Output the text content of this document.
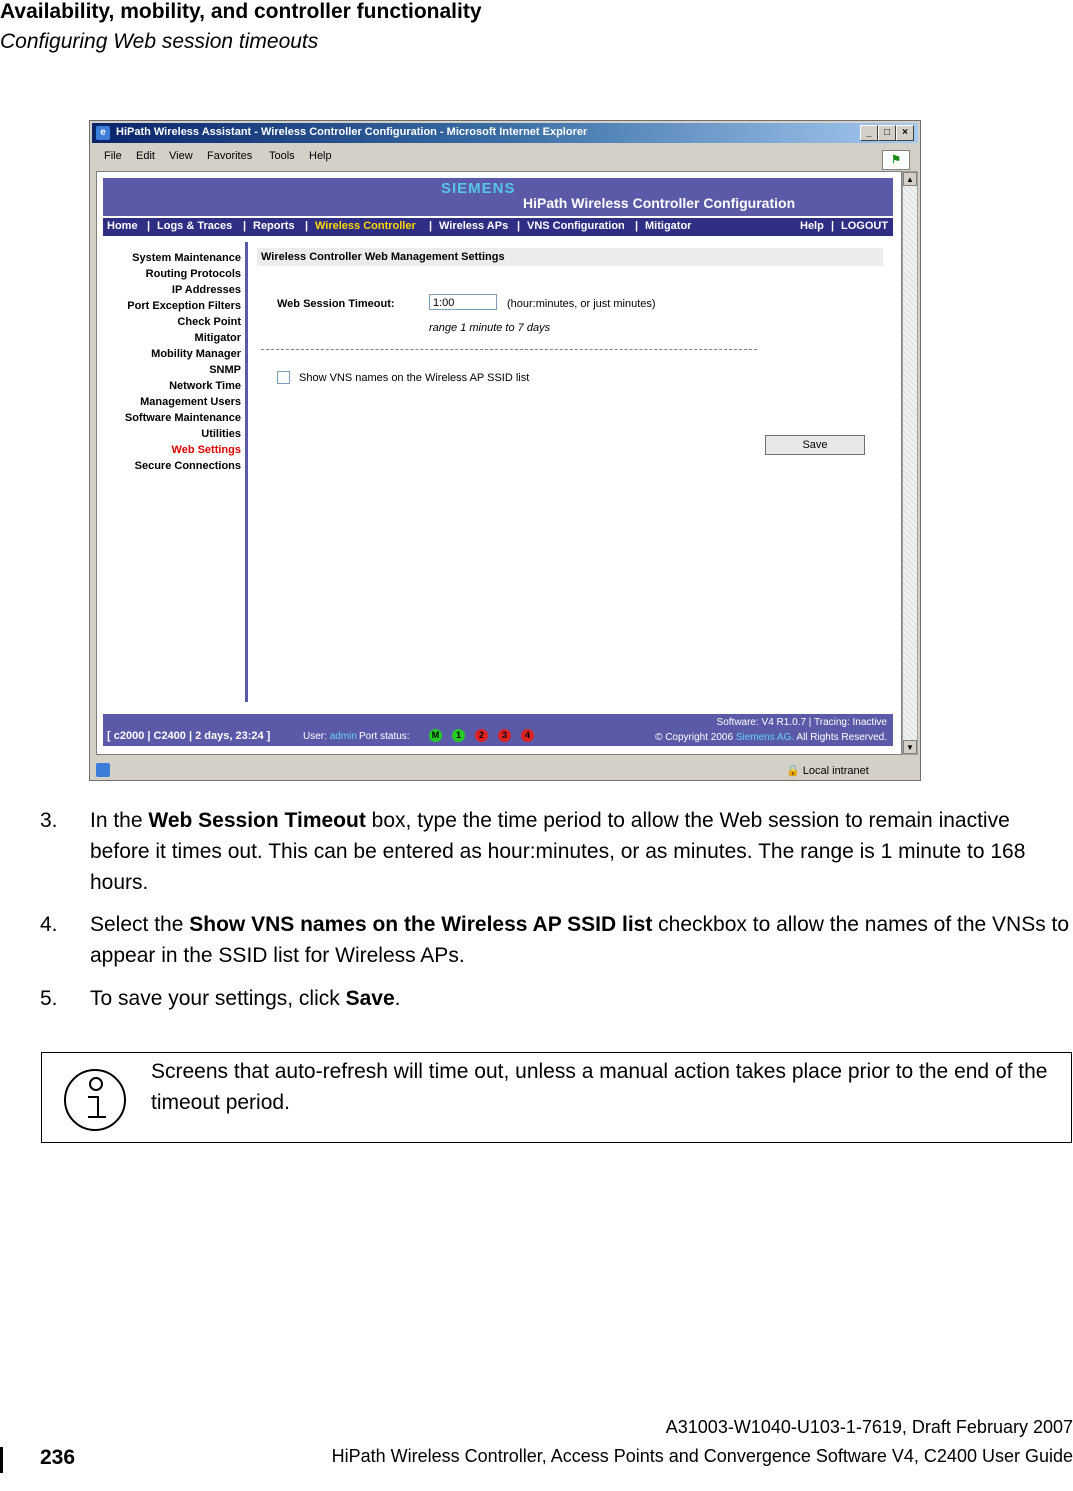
Availability, mobility, and controller functionality
Configuring Web session timeouts
e HiPath Wireless Assistant - Wireless Controller Configuration - Microsoft Internet Explorer	_	□	×
File Edit View Favorites Tools Help	⚑
SIEMENS
HiPath Wireless Controller Configuration
Home | Logs & Traces | Reports | Wireless Controller | Wireless APs | VNS Configuration | Mitigator	Help | LOGOUT
System Maintenance
Routing Protocols
IP Addresses
Port Exception Filters
Check Point
Mitigator
Mobility Manager
SNMP
Network Time
Management Users
Software Maintenance
Utilities
Web Settings
Secure Connections
Wireless Controller Web Management Settings
Web Session Timeout:	1:00	(hour:minutes, or just minutes)
range 1 minute to 7 days
Show VNS names on the Wireless AP SSID list
Save
[ c2000 | C2400 | 2 days, 23:24 ]	User: admin Port status:	M	1	2	3	4
Software: V4 R1.0.7 | Tracing: Inactive
© Copyright 2006 Siemens AG. All Rights Reserved.
▲
▼
🔒 Local intranet
3. In the Web Session Timeout box, type the time period to allow the Web session to remain inactive before it times out. This can be entered as hour:minutes, or as minutes. The range is 1 minute to 168 hours.
4. Select the Show VNS names on the Wireless AP SSID list checkbox to allow the names of the VNSs to appear in the SSID list for Wireless APs.
5. To save your settings, click Save.
Screens that auto-refresh will time out, unless a manual action takes place prior to the end of the timeout period.
236
A31003-W1040-U103-1-7619, Draft February 2007
HiPath Wireless Controller, Access Points and Convergence Software V4, C2400 User Guide
